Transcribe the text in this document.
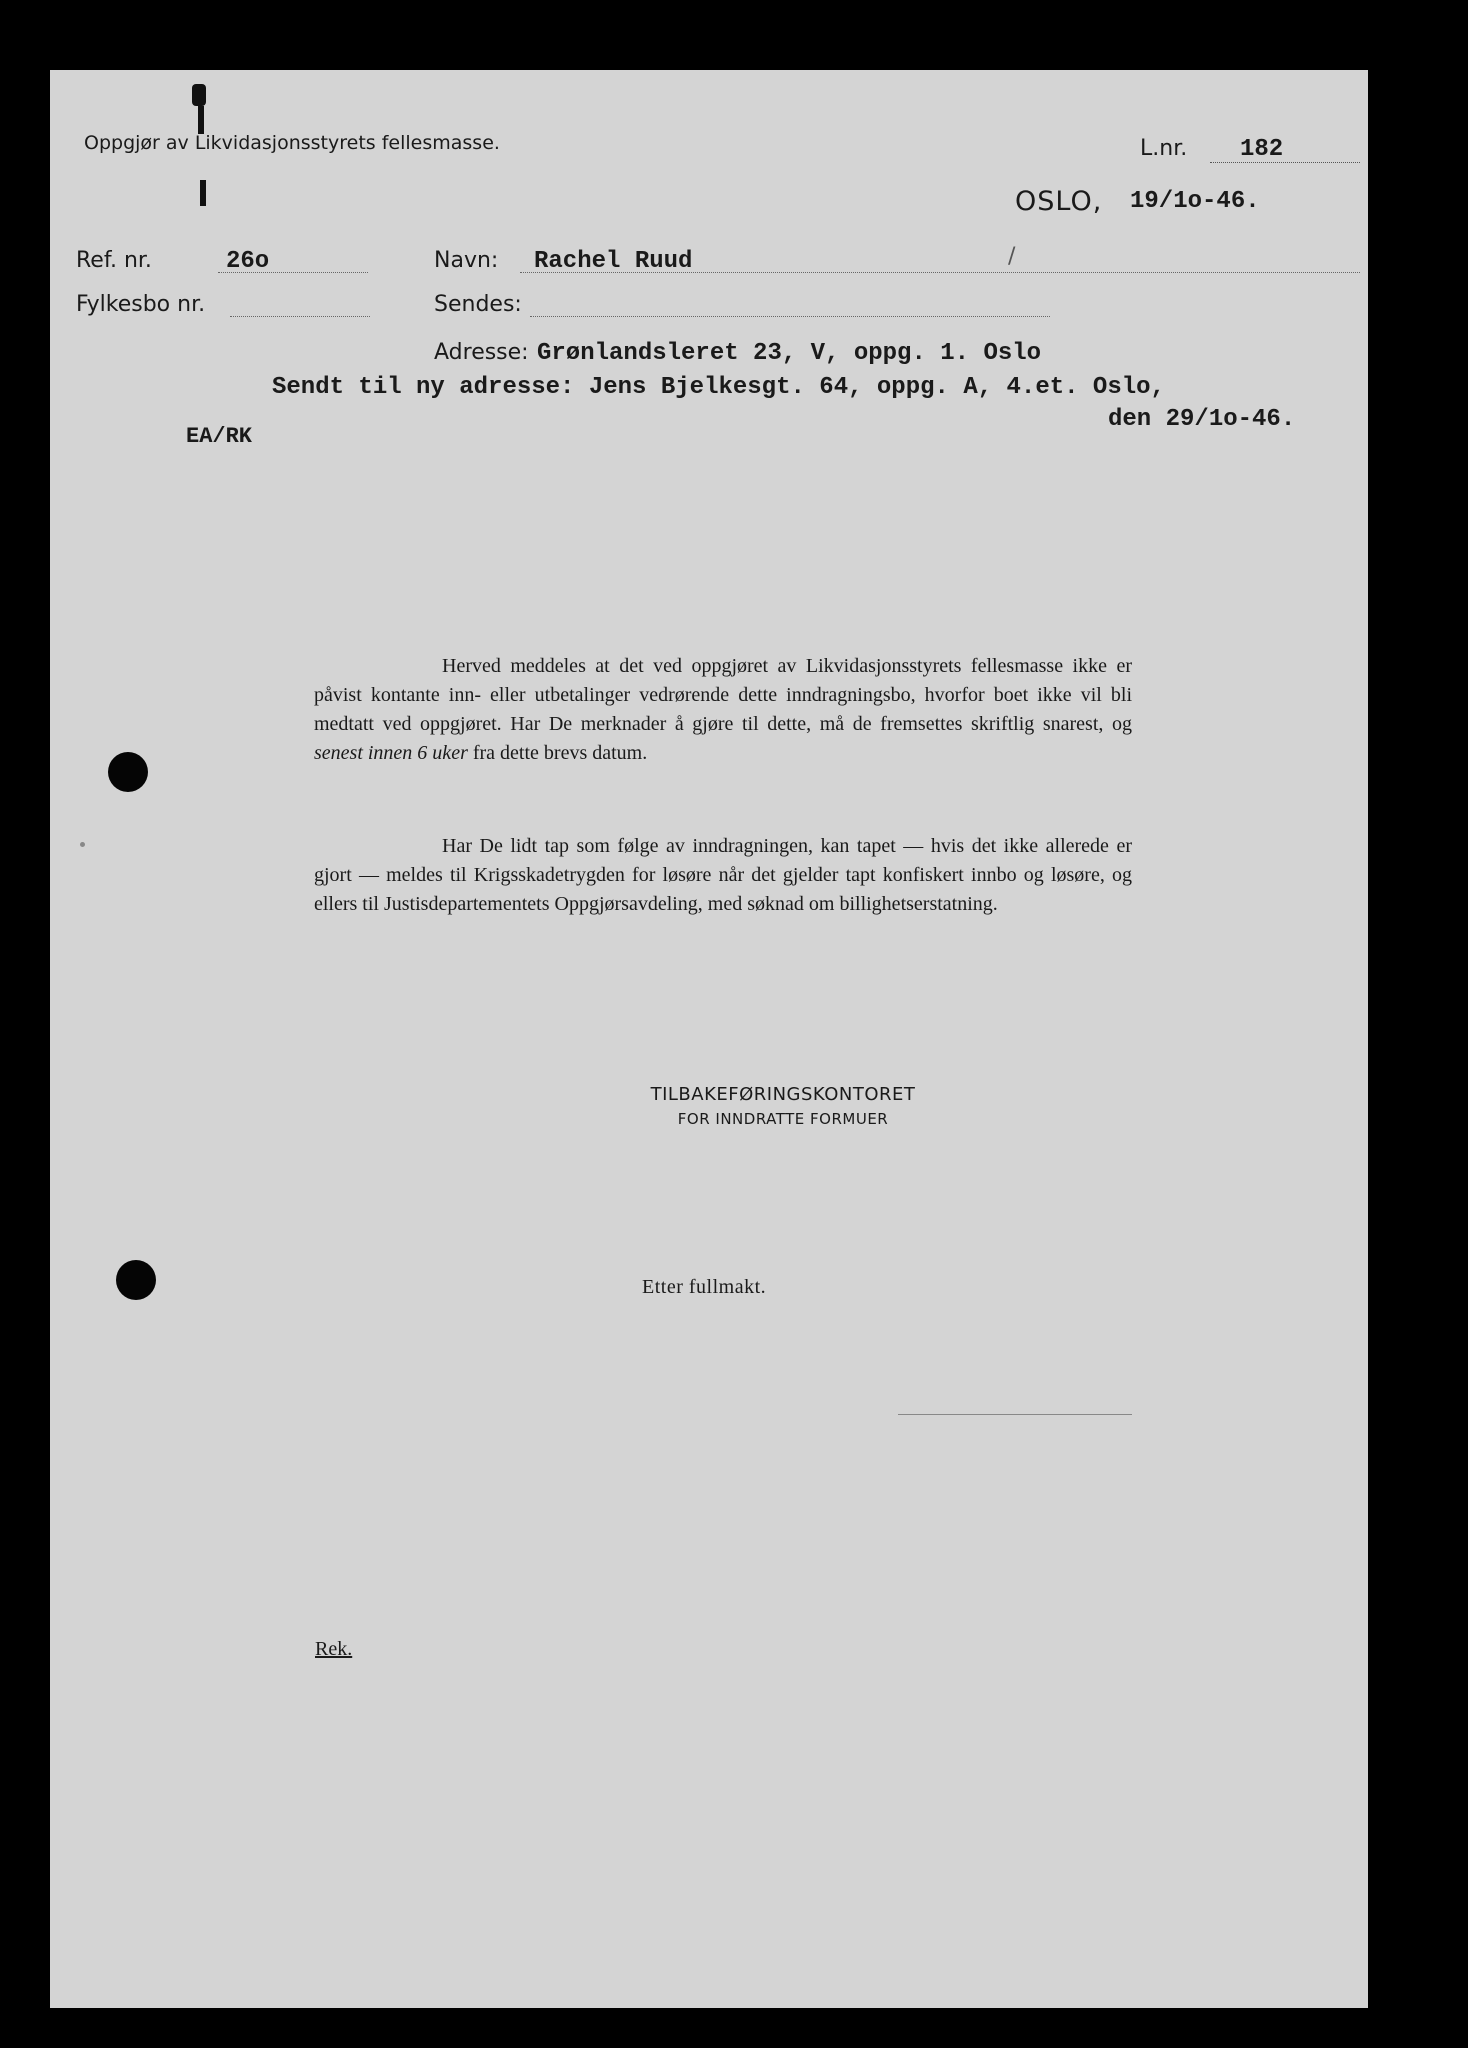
Oppgjør av Likvidasjonsstyrets fellesmasse.	L.nr. 182
OSLO, 19/1o-46.
Ref. nr.	26o
Fylkesbo nr.
Navn: Rachel Ruud	/
Sendes:
Adresse: Grønlandsleret 23, V, oppg. 1. Oslo
Sendt til ny adresse: Jens Bjelkesgt. 64, oppg. A, 4.et. Oslo,
den 29/1o-46.
EA/RK
Herved meddeles at det ved oppgjøret av Likvidasjonsstyrets fellesmasse ikke er påvist kontante inn- eller utbetalinger vedrørende dette inndragningsbo, hvorfor boet ikke vil bli medtatt ved oppgjøret. Har De merknader å gjøre til dette, må de fremsettes skriftlig snarest, og senest innen 6 uker fra dette brevs datum.
Har De lidt tap som følge av inndragningen, kan tapet — hvis det ikke allerede er gjort — meldes til Krigsskadetrygden for løsøre når det gjelder tapt konfiskert innbo og løsøre, og ellers til Justisdepartementets Oppgjørsavdeling, med søknad om billighetserstatning.
TILBAKEFØRINGSKONTORET
FOR INNDRATTE FORMUER
Etter fullmakt.
Rek.
